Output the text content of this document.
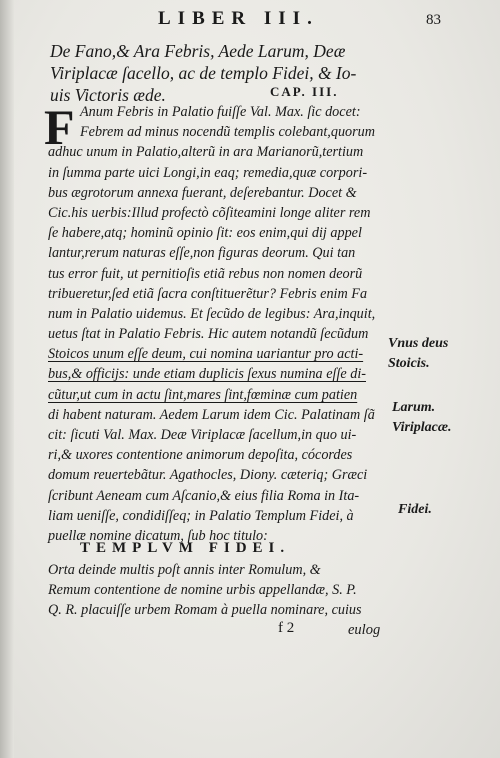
LIBER III.	83
De Fano,& Ara Febris, Aede Larum, Deæ
Viriplacæ ſacello, ac de templo Fidei, & Io-
uis Victoris æde.	CAP. III.
F Anum Febris in Palatio fuiſſe Val. Max. ſic docet:
Febrem ad minus nocendũ templis colebant,quorum
adhuc unum in Palatio,alterũ in ara Marianorũ,tertium
in ſumma parte uici Longi,in eaq; remedia,quæ corpori-
bus ægrotorum annexa fuerant, deſerebantur. Docet &
Cic.his uerbis:Illud profectò cõſiteamini longe aliter rem
ſe habere,atq; hominũ opinio ſit: eos enim,qui dij appel
lantur,rerum naturas eſſe,non figuras deorum. Qui tan
tus error fuit, ut pernitioſis etiã rebus non nomen deorũ
tribueretur,ſed etiã ſacra conſtituerẽtur? Febris enim Fa
num in Palatio uidemus. Et ſecũdo de legibus: Ara,inquit,
uetus ſtat in Palatio Febris. Hic autem notandũ ſecũdum
Stoicos unum eſſe deum, cui nomina uariantur pro acti-
bus,& officijs: unde etiam duplicis ſexus numina eſſe di-
cũtur,ut cum in actu ſint,mares ſint,fœminæ cum patien
di habent naturam. Aedem Larum idem Cic. Palatinam ſã
cit: ſicuti Val. Max. Deæ Viriplacæ ſacellum,in quo ui-
ri,& uxores contentione animorum depoſita, cócordes
domum reuertebãtur. Agathocles, Diony. cæteriq; Græci
ſcribunt Aeneam cum Aſcanio,& eius filia Roma in Ita-
liam ueniſſe, condidiſſeq; in Palatio Templum Fidei, à
puellæ nomine dicatum, ſub hoc titulo:
TEMPLVM FIDEI.
Orta deinde multis poſt annis inter Romulum, &
Remum contentione de nomine urbis appellandæ, S. P.
Q. R. placuiſſe urbem Romam à puella nominare, cuius
f 2	eulog
Vnus deus
Stoicis.
Larum.
Viriplacæ.
Fidei.
